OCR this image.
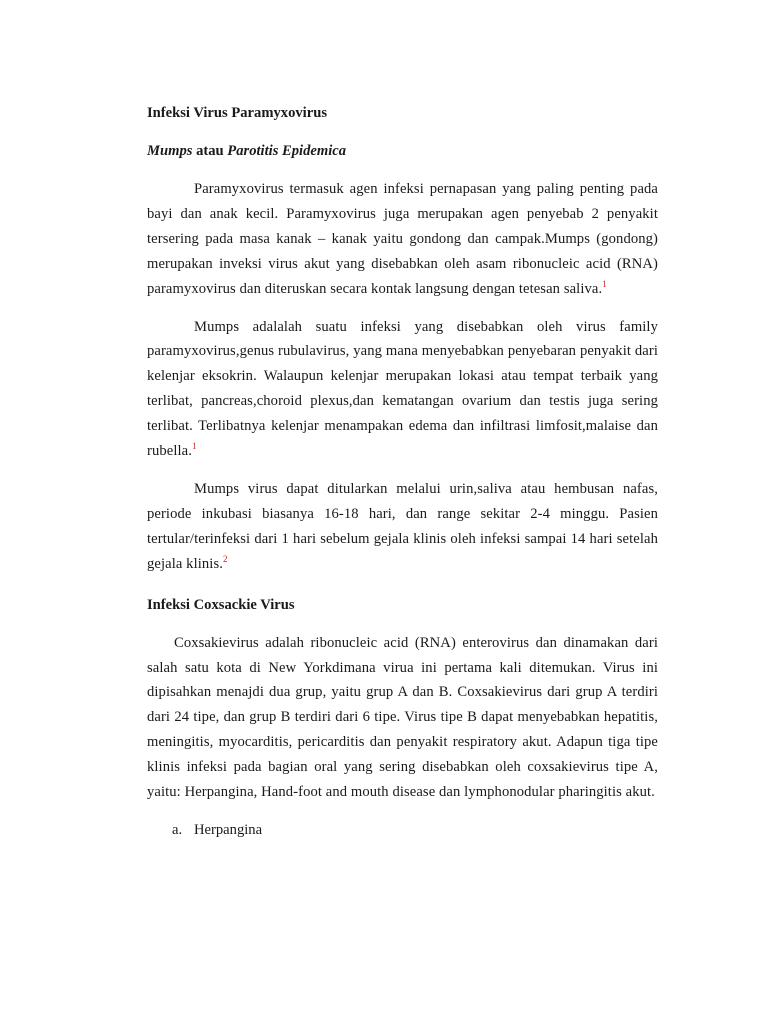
Infeksi Virus Paramyxovirus

Mumps atau Parotitis Epidemica

Paramyxovirus termasuk agen infeksi pernapasan yang paling penting pada bayi dan anak kecil. Paramyxovirus juga merupakan agen penyebab 2 penyakit tersering pada masa kanak – kanak yaitu gondong dan campak.Mumps (gondong) merupakan inveksi virus akut yang disebabkan oleh asam ribonucleic acid (RNA) paramyxovirus dan diteruskan secara kontak langsung dengan tetesan saliva.$^1$

Mumps adalalah suatu infeksi yang disebabkan oleh virus family paramyxovirus,genus rubulavirus, yang mana menyebabkan penyebaran penyakit dari kelenjar eksokrin. Walaupun kelenjar merupakan lokasi atau tempat terbaik yang terlibat, pancreas,choroid plexus,dan kematangan ovarium dan testis juga sering terlibat. Terlibatnya kelenjar menampakan edema dan infiltrasi limfosit,malaise dan rubella.$^1$

Mumps virus dapat ditularkan melalui urin,saliva atau hembusan nafas, periode inkubasi biasanya 16-18 hari, dan range sekitar 2-4 minggu. Pasien tertular/terinfeksi dari 1 hari sebelum gejala klinis oleh infeksi sampai 14 hari setelah gejala klinis.$^2$

Infeksi Coxsackie Virus

Coxsakievirus adalah ribonucleic acid (RNA) enterovirus dan dinamakan dari salah satu kota di New Yorkdimana virua ini pertama kali ditemukan. Virus ini dipisahkan menajdi dua grup, yaitu grup A dan B. Coxsakievirus dari grup A terdiri dari 24 tipe, dan grup B terdiri dari 6 tipe. Virus tipe B dapat menyebabkan hepatitis, meningitis, myocarditis, pericarditis dan penyakit respiratory akut. Adapun tiga tipe klinis infeksi pada bagian oral yang sering disebabkan oleh coxsakievirus tipe A, yaitu: Herpangina, Hand-foot and mouth disease dan lymphonodular pharingitis akut.

a. Herpangina
